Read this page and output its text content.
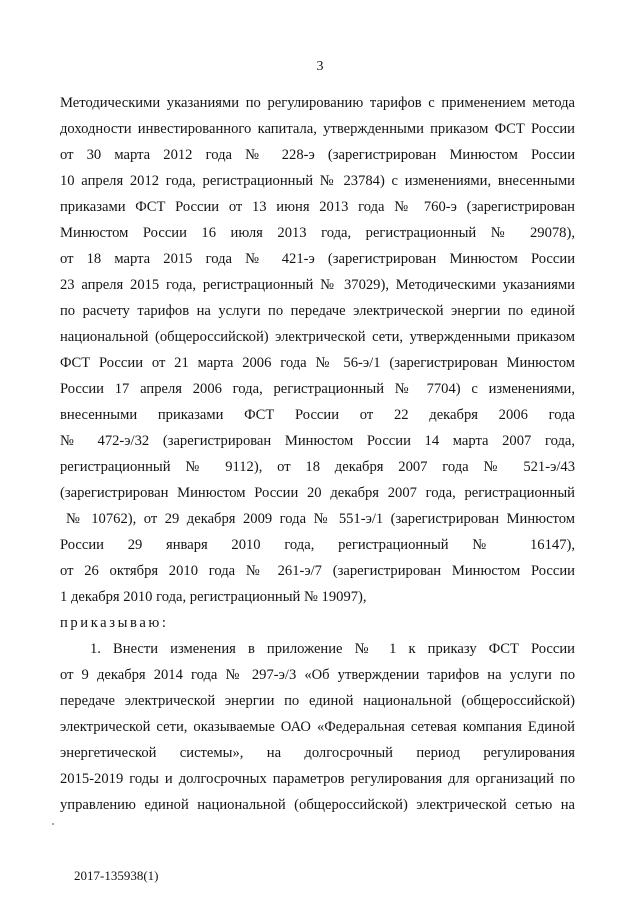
3
Методическими указаниями по регулированию тарифов с применением метода
доходности инвестированного капитала, утвержденными приказом ФСТ России
от 30 марта 2012 года № 228-э (зарегистрирован Минюстом России
10 апреля 2012 года, регистрационный № 23784) с изменениями, внесенными
приказами ФСТ России от 13 июня 2013 года № 760-э (зарегистрирован
Минюстом России 16 июля 2013 года, регистрационный № 29078),
от 18 марта 2015 года № 421-э (зарегистрирован Минюстом России
23 апреля 2015 года, регистрационный № 37029), Методическими указаниями
по расчету тарифов на услуги по передаче электрической энергии по единой
национальной (общероссийской) электрической сети, утвержденными приказом
ФСТ России от 21 марта 2006 года № 56-э/1 (зарегистрирован Минюстом
России 17 апреля 2006 года, регистрационный № 7704) с изменениями,
внесенными приказами ФСТ России от 22 декабря 2006 года
№ 472-э/32 (зарегистрирован Минюстом России 14 марта 2007 года,
регистрационный № 9112), от 18 декабря 2007 года № 521-э/43
(зарегистрирован Минюстом России 20 декабря 2007 года, регистрационный
№ 10762), от 29 декабря 2009 года № 551-э/1 (зарегистрирован Минюстом
России 29 января 2010 года, регистрационный № 16147),
от 26 октября 2010 года № 261-э/7 (зарегистрирован Минюстом России
1 декабря 2010 года, регистрационный № 19097),
приказываю:
1. Внести изменения в приложение № 1 к приказу ФСТ России
от 9 декабря 2014 года № 297-э/3 «Об утверждении тарифов на услуги по
передаче электрической энергии по единой национальной (общероссийской)
электрической сети, оказываемые ОАО «Федеральная сетевая компания Единой
энергетической системы», на долгосрочный период регулирования
2015-2019 годы и долгосрочных параметров регулирования для организаций по
управлению единой национальной (общероссийской) электрической сетью на
2017-135938(1)
